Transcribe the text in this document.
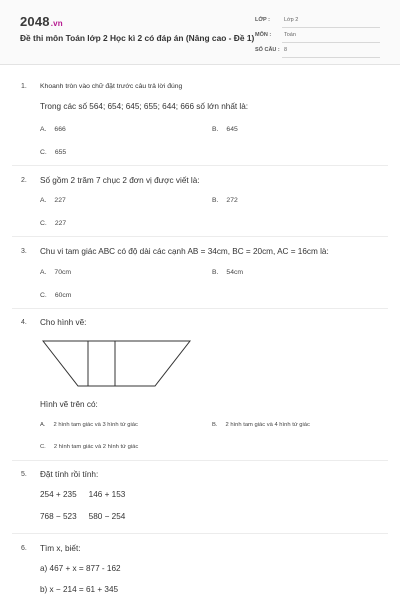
2048.vn
Đề thi môn Toán lớp 2 Học kì 2 có đáp án (Nâng cao - Đề 1)
LỚP :	Lớp 2
MÔN : Toán
SỐ CÂU : 8
1. Khoanh tròn vào chữ đặt trước câu trả lời đúng
Trong các số 564; 654; 645; 655; 644; 666 số lớn nhất là:
A. 666	B. 645
C. 655
2. Số gồm 2 trăm 7 chục 2 đơn vị được viết là:
A. 227	B. 272
C. 227
3. Chu vi tam giác ABC có độ dài các cạnh AB = 34cm, BC = 20cm, AC = 16cm là:
A. 70cm	B. 54cm
C. 60cm
4. Cho hình vẽ:
Hình vẽ trên có:
A. 2 hình tam giác và 3 hình tứ giác	B. 2 hình tam giác và 4 hình tứ giác
C. 2 hình tam giác và 2 hình tứ giác
5. Đặt tính rồi tính:
254 + 235 146 + 153
768 − 523 580 − 254
6. Tìm x, biết:
a) 467 + x = 877 - 162
b) x − 214 = 61 + 345
